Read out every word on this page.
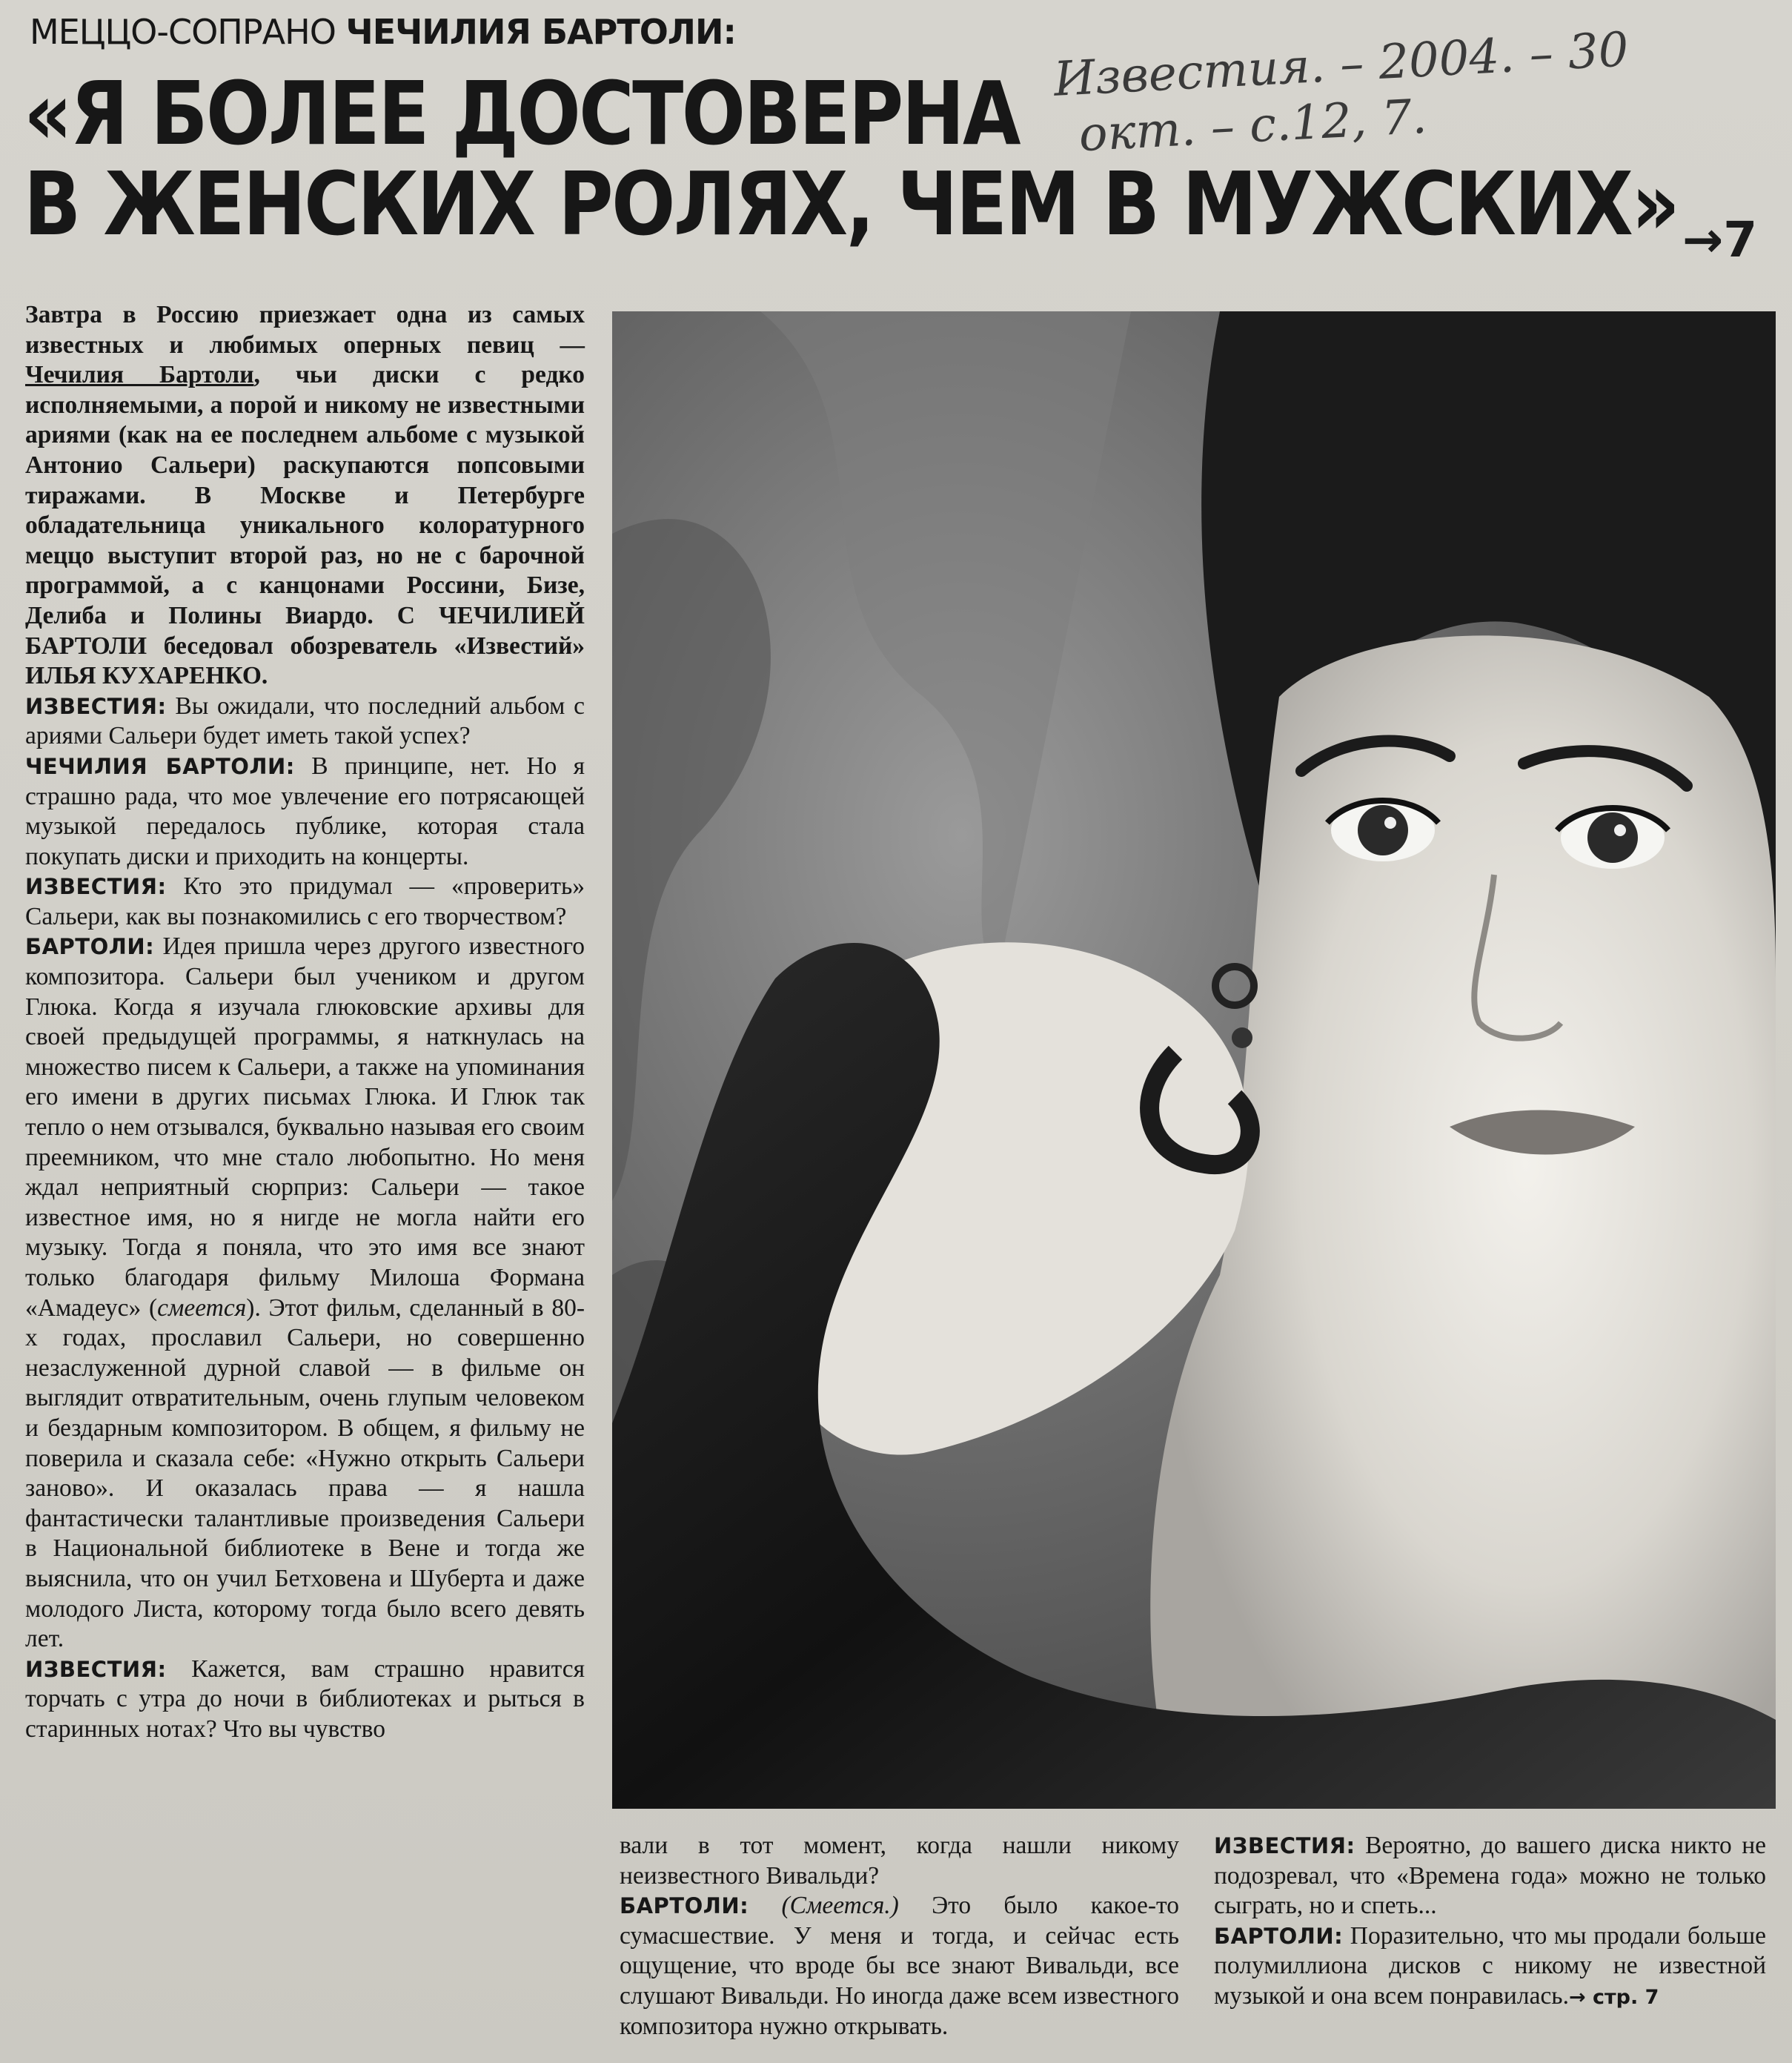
МЕЦЦО-СОПРАНО ЧЕЧИЛИЯ БАРТОЛИ:	Известия. – 2004. – 30
окт. – с.12, 7.
«Я БОЛЕЕ ДОСТОВЕРНА
В ЖЕНСКИХ РОЛЯХ, ЧЕМ В МУЖСКИХ» →7

Завтра в Россию приезжает одна из самых известных и любимых оперных певиц — Чечилия Бартоли, чьи диски с редко исполняемыми, а порой и никому не известными ариями (как на ее последнем альбоме с музыкой Антонио Сальери) раскупаются попсовыми тиражами. В Москве и Петербурге обладательница уникального колоратурного меццо выступит второй раз, но не с барочной программой, а с канцонами Россини, Бизе, Делиба и Полины Виардо. С ЧЕЧИЛИЕЙ БАРТОЛИ беседовал обозреватель «Известий» ИЛЬЯ КУХАРЕНКО.

ИЗВЕСТИЯ: Вы ожидали, что последний альбом с ариями Сальери будет иметь такой успех?

ЧЕЧИЛИЯ БАРТОЛИ: В принципе, нет. Но я страшно рада, что мое увлечение его потрясающей музыкой передалось публике, которая стала покупать диски и приходить на концерты.

ИЗВЕСТИЯ: Кто это придумал — «проверить» Сальери, как вы познакомились с его творчеством?

БАРТОЛИ: Идея пришла через другого известного композитора. Сальери был учеником и другом Глюка. Когда я изучала глюковские архивы для своей предыдущей программы, я наткнулась на множество писем к Сальери, а также на упоминания его имени в других письмах Глюка. И Глюк так тепло о нем отзывался, буквально называя его своим преемником, что мне стало любопытно. Но меня ждал неприятный сюрприз: Сальери — такое известное имя, но я нигде не могла найти его музыку. Тогда я поняла, что это имя все знают только благодаря фильму Милоша Формана «Амадеус» (смеется). Этот фильм, сделанный в 80-х годах, прославил Сальери, но совершенно незаслуженной дурной славой — в фильме он выглядит отвратительным, очень глупым человеком и бездарным композитором. В общем, я фильму не поверила и сказала себе: «Нужно открыть Сальери заново». И оказалась права — я нашла фантастически талантливые произведения Сальери в Национальной библиотеке в Вене и тогда же выяснила, что он учил Бетховена и Шуберта и даже молодого Листа, которому тогда было всего девять лет.

ИЗВЕСТИЯ: Кажется, вам страшно нравится торчать с утра до ночи в библиотеках и рыться в старинных нотах? Что вы чувство

вали в тот момент, когда нашли никому неизвестного Вивальди?

БАРТОЛИ: (Смеется.) Это было какое-то сумасшествие. У меня и тогда, и сейчас есть ощущение, что вроде бы все знают Вивальди, все слушают Вивальди. Но иногда даже всем известного композитора нужно открывать.

ИЗВЕСТИЯ: Вероятно, до вашего диска никто не подозревал, что «Времена года» можно не только сыграть, но и спеть...

БАРТОЛИ: Поразительно, что мы продали больше полумиллиона дисков с никому не известной музыкой и она всем понравилась.→ стр. 7
